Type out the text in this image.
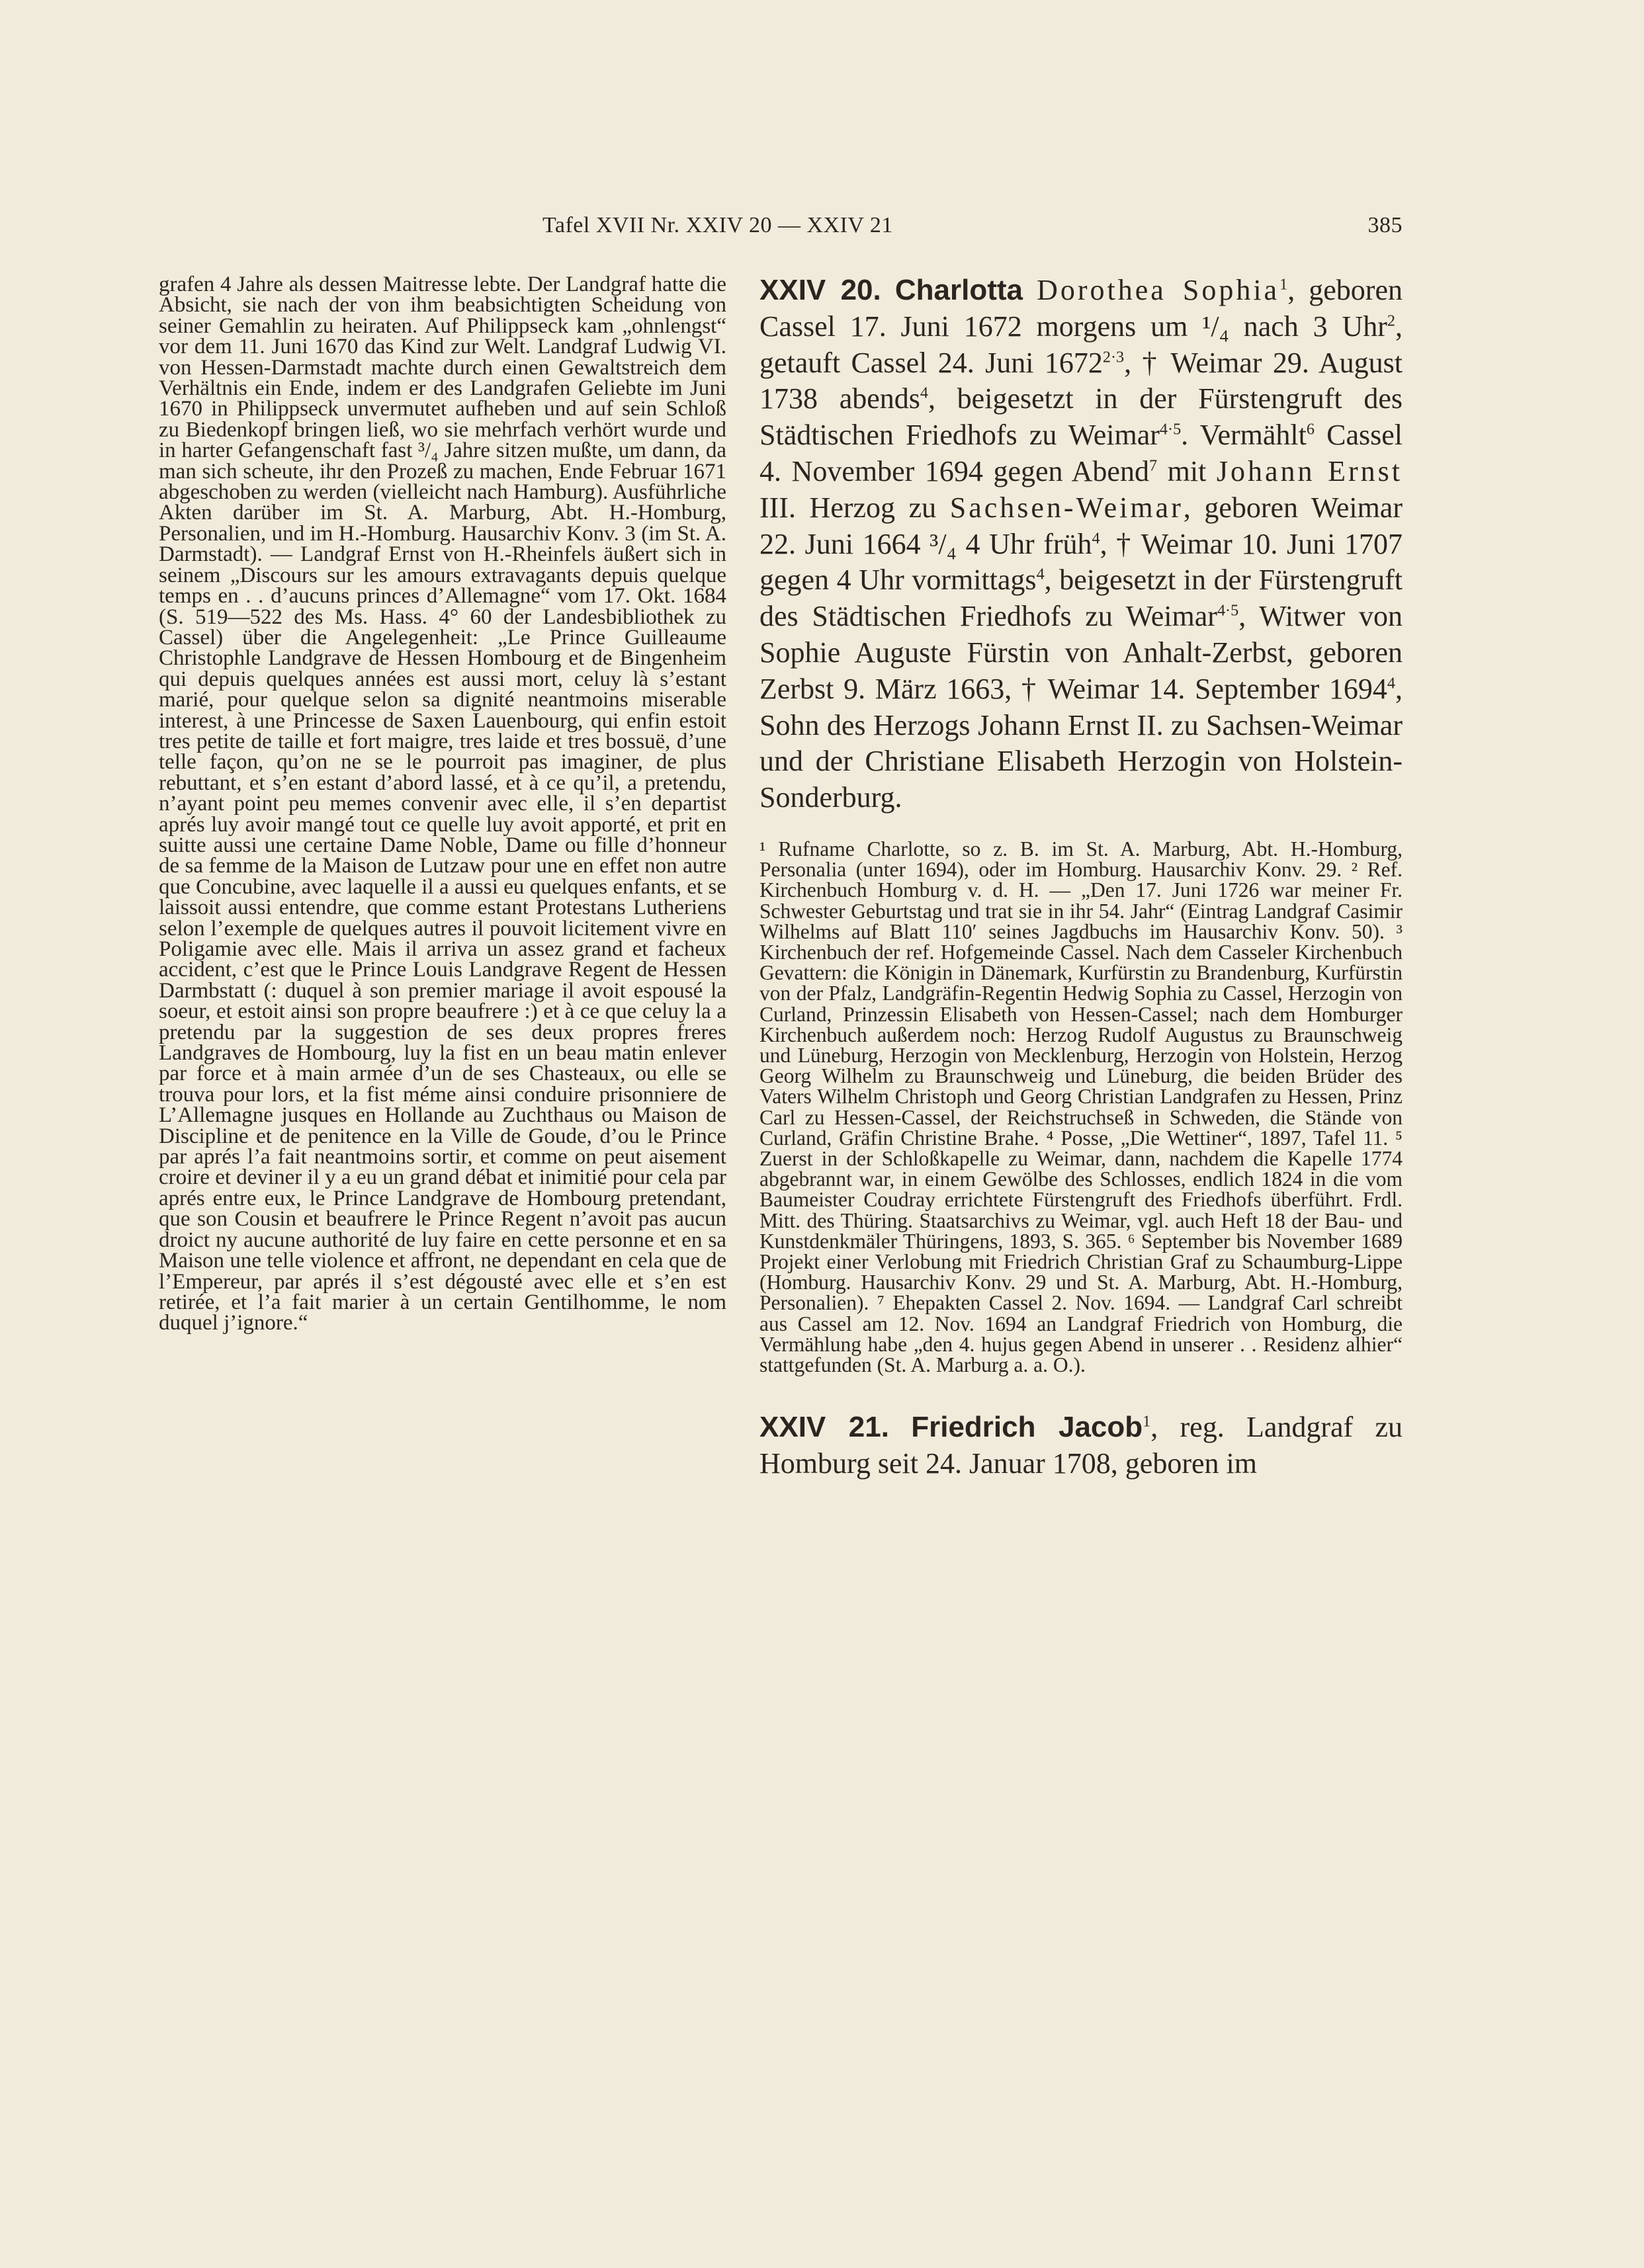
Tafel XVII Nr. XXIV 20 — XXIV 21	385
grafen 4 Jahre als dessen Maitresse lebte. Der Landgraf hatte die Absicht, sie nach der von ihm beabsichtigten Scheidung von seiner Gemahlin zu heiraten. Auf Philippseck kam „ohnlengst“ vor dem 11. Juni 1670 das Kind zur Welt. Landgraf Ludwig VI. von Hessen-Darmstadt machte durch einen Gewaltstreich dem Verhältnis ein Ende, indem er des Landgrafen Geliebte im Juni 1670 in Philippseck unvermutet aufheben und auf sein Schloß zu Biedenkopf bringen ließ, wo sie mehrfach verhört wurde und in harter Gefangenschaft fast ³/₄ Jahre sitzen mußte, um dann, da man sich scheute, ihr den Prozeß zu machen, Ende Februar 1671 abgeschoben zu werden (vielleicht nach Hamburg). Ausführliche Akten darüber im St. A. Marburg, Abt. H.-Homburg, Personalien, und im H.-Homburg. Hausarchiv Konv. 3 (im St. A. Darmstadt). — Landgraf Ernst von H.-Rheinfels äußert sich in seinem „Discours sur les amours extravagants depuis quelque temps en . . d’aucuns princes d’Allemagne“ vom 17. Okt. 1684 (S. 519—522 des Ms. Hass. 4° 60 der Landesbibliothek zu Cassel) über die Angelegenheit: „Le Prince Guilleaume Christophle Landgrave de Hessen Hombourg et de Bingenheim qui depuis quelques années est aussi mort, celuy là s’estant marié, pour quelque selon sa dignité neantmoins miserable interest, à une Princesse de Saxen Lauenbourg, qui enfin estoit tres petite de taille et fort maigre, tres laide et tres bossuë, d’une telle façon, qu’on ne se le pourroit pas imaginer, de plus rebuttant, et s’en estant d’abord lassé, et à ce qu’il, a pretendu, n’ayant point peu memes convenir avec elle, il s’en departist aprés luy avoir mangé tout ce quelle luy avoit apporté, et prit en suitte aussi une certaine Dame Noble, Dame ou fille d’honneur de sa femme de la Maison de Lutzaw pour une en effet non autre que Concubine, avec laquelle il a aussi eu quelques enfants, et se laissoit aussi entendre, que comme estant Protestans Lutheriens selon l’exemple de quelques autres il pouvoit licitement vivre en Poligamie avec elle. Mais il arriva un assez grand et facheux accident, c’est que le Prince Louis Landgrave Regent de Hessen Darmbstatt (: duquel à son premier mariage il avoit espousé la soeur, et estoit ainsi son propre beaufrere :) et à ce que celuy la a pretendu par la suggestion de ses deux propres freres Landgraves de Hombourg, luy la fist en un beau matin enlever par force et à main armée d’un de ses Chasteaux, ou elle se trouva pour lors, et la fist méme ainsi conduire prisonniere de L’Allemagne jusques en Hollande au Zuchthaus ou Maison de Discipline et de penitence en la Ville de Goude, d’ou le Prince par aprés l’a fait neantmoins sortir, et comme on peut aisement croire et deviner il y a eu un grand débat et inimitié pour cela par aprés entre eux, le Prince Landgrave de Hombourg pretendant, que son Cousin et beaufrere le Prince Regent n’avoit pas aucun droict ny aucune authorité de luy faire en cette personne et en sa Maison une telle violence et affront, ne dependant en cela que de l’Empereur, par aprés il s’est dégousté avec elle et s’en est retirée, et l’a fait marier à un certain Gentilhomme, le nom duquel j’ignore.“
XXIV 20. Charlotta Dorothea Sophia$^1$, geboren Cassel 17. Juni 1672 morgens um ¹/₄ nach 3 Uhr$^2$, getauft Cassel 24. Juni $1672^{2\cdot 3}$, † Weimar 29. August 1738 abends$^4$, beigesetzt in der Fürstengruft des Städtischen Friedhofs zu Weimar$^{4\cdot 5}$. Vermählt$^6$ Cassel 4. November 1694 gegen Abend$^7$ mit Johann Ernst III. Herzog zu Sachsen-Weimar, geboren Weimar 22. Juni 1664 ³/₄ 4 Uhr früh$^4$, † Weimar 10. Juni 1707 gegen 4 Uhr vormittags$^4$, beigesetzt in der Fürstengruft des Städtischen Friedhofs zu Weimar$^{4\cdot 5}$, Witwer von Sophie Auguste Fürstin von Anhalt-Zerbst, geboren Zerbst 9. März 1663, † Weimar 14. September 1694$^4$, Sohn des Herzogs Johann Ernst II. zu Sachsen-Weimar und der Christiane Elisabeth Herzogin von Holstein-Sonderburg.
¹ Rufname Charlotte, so z. B. im St. A. Marburg, Abt. H.-Homburg, Personalia (unter 1694), oder im Homburg. Hausarchiv Konv. 29. ² Ref. Kirchenbuch Homburg v. d. H. — „Den 17. Juni 1726 war meiner Fr. Schwester Geburtstag und trat sie in ihr 54. Jahr“ (Eintrag Landgraf Casimir Wilhelms auf Blatt 110′ seines Jagdbuchs im Hausarchiv Konv. 50). ³ Kirchenbuch der ref. Hofgemeinde Cassel. Nach dem Casseler Kirchenbuch Gevattern: die Königin in Dänemark, Kurfürstin zu Brandenburg, Kurfürstin von der Pfalz, Landgräfin-Regentin Hedwig Sophia zu Cassel, Herzogin von Curland, Prinzessin Elisabeth von Hessen-Cassel; nach dem Homburger Kirchenbuch außerdem noch: Herzog Rudolf Augustus zu Braunschweig und Lüneburg, Herzogin von Mecklenburg, Herzogin von Holstein, Herzog Georg Wilhelm zu Braunschweig und Lüneburg, die beiden Brüder des Vaters Wilhelm Christoph und Georg Christian Landgrafen zu Hessen, Prinz Carl zu Hessen-Cassel, der Reichstruchseß in Schweden, die Stände von Curland, Gräfin Christine Brahe. ⁴ Posse, „Die Wettiner“, 1897, Tafel 11. ⁵ Zuerst in der Schloßkapelle zu Weimar, dann, nachdem die Kapelle 1774 abgebrannt war, in einem Gewölbe des Schlosses, endlich 1824 in die vom Baumeister Coudray errichtete Fürstengruft des Friedhofs überführt. Frdl. Mitt. des Thüring. Staatsarchivs zu Weimar, vgl. auch Heft 18 der Bau- und Kunstdenkmäler Thüringens, 1893, S. 365. ⁶ September bis November 1689 Projekt einer Verlobung mit Friedrich Christian Graf zu Schaumburg-Lippe (Homburg. Hausarchiv Konv. 29 und St. A. Marburg, Abt. H.-Homburg, Personalien). ⁷ Ehepakten Cassel 2. Nov. 1694. — Landgraf Carl schreibt aus Cassel am 12. Nov. 1694 an Landgraf Friedrich von Homburg, die Vermählung habe „den 4. hujus gegen Abend in unserer . . Residenz alhier“ stattgefunden (St. A. Marburg a. a. O.).
XXIV 21. Friedrich Jacob$^1$, reg. Landgraf zu Homburg seit 24. Januar 1708, geboren im
